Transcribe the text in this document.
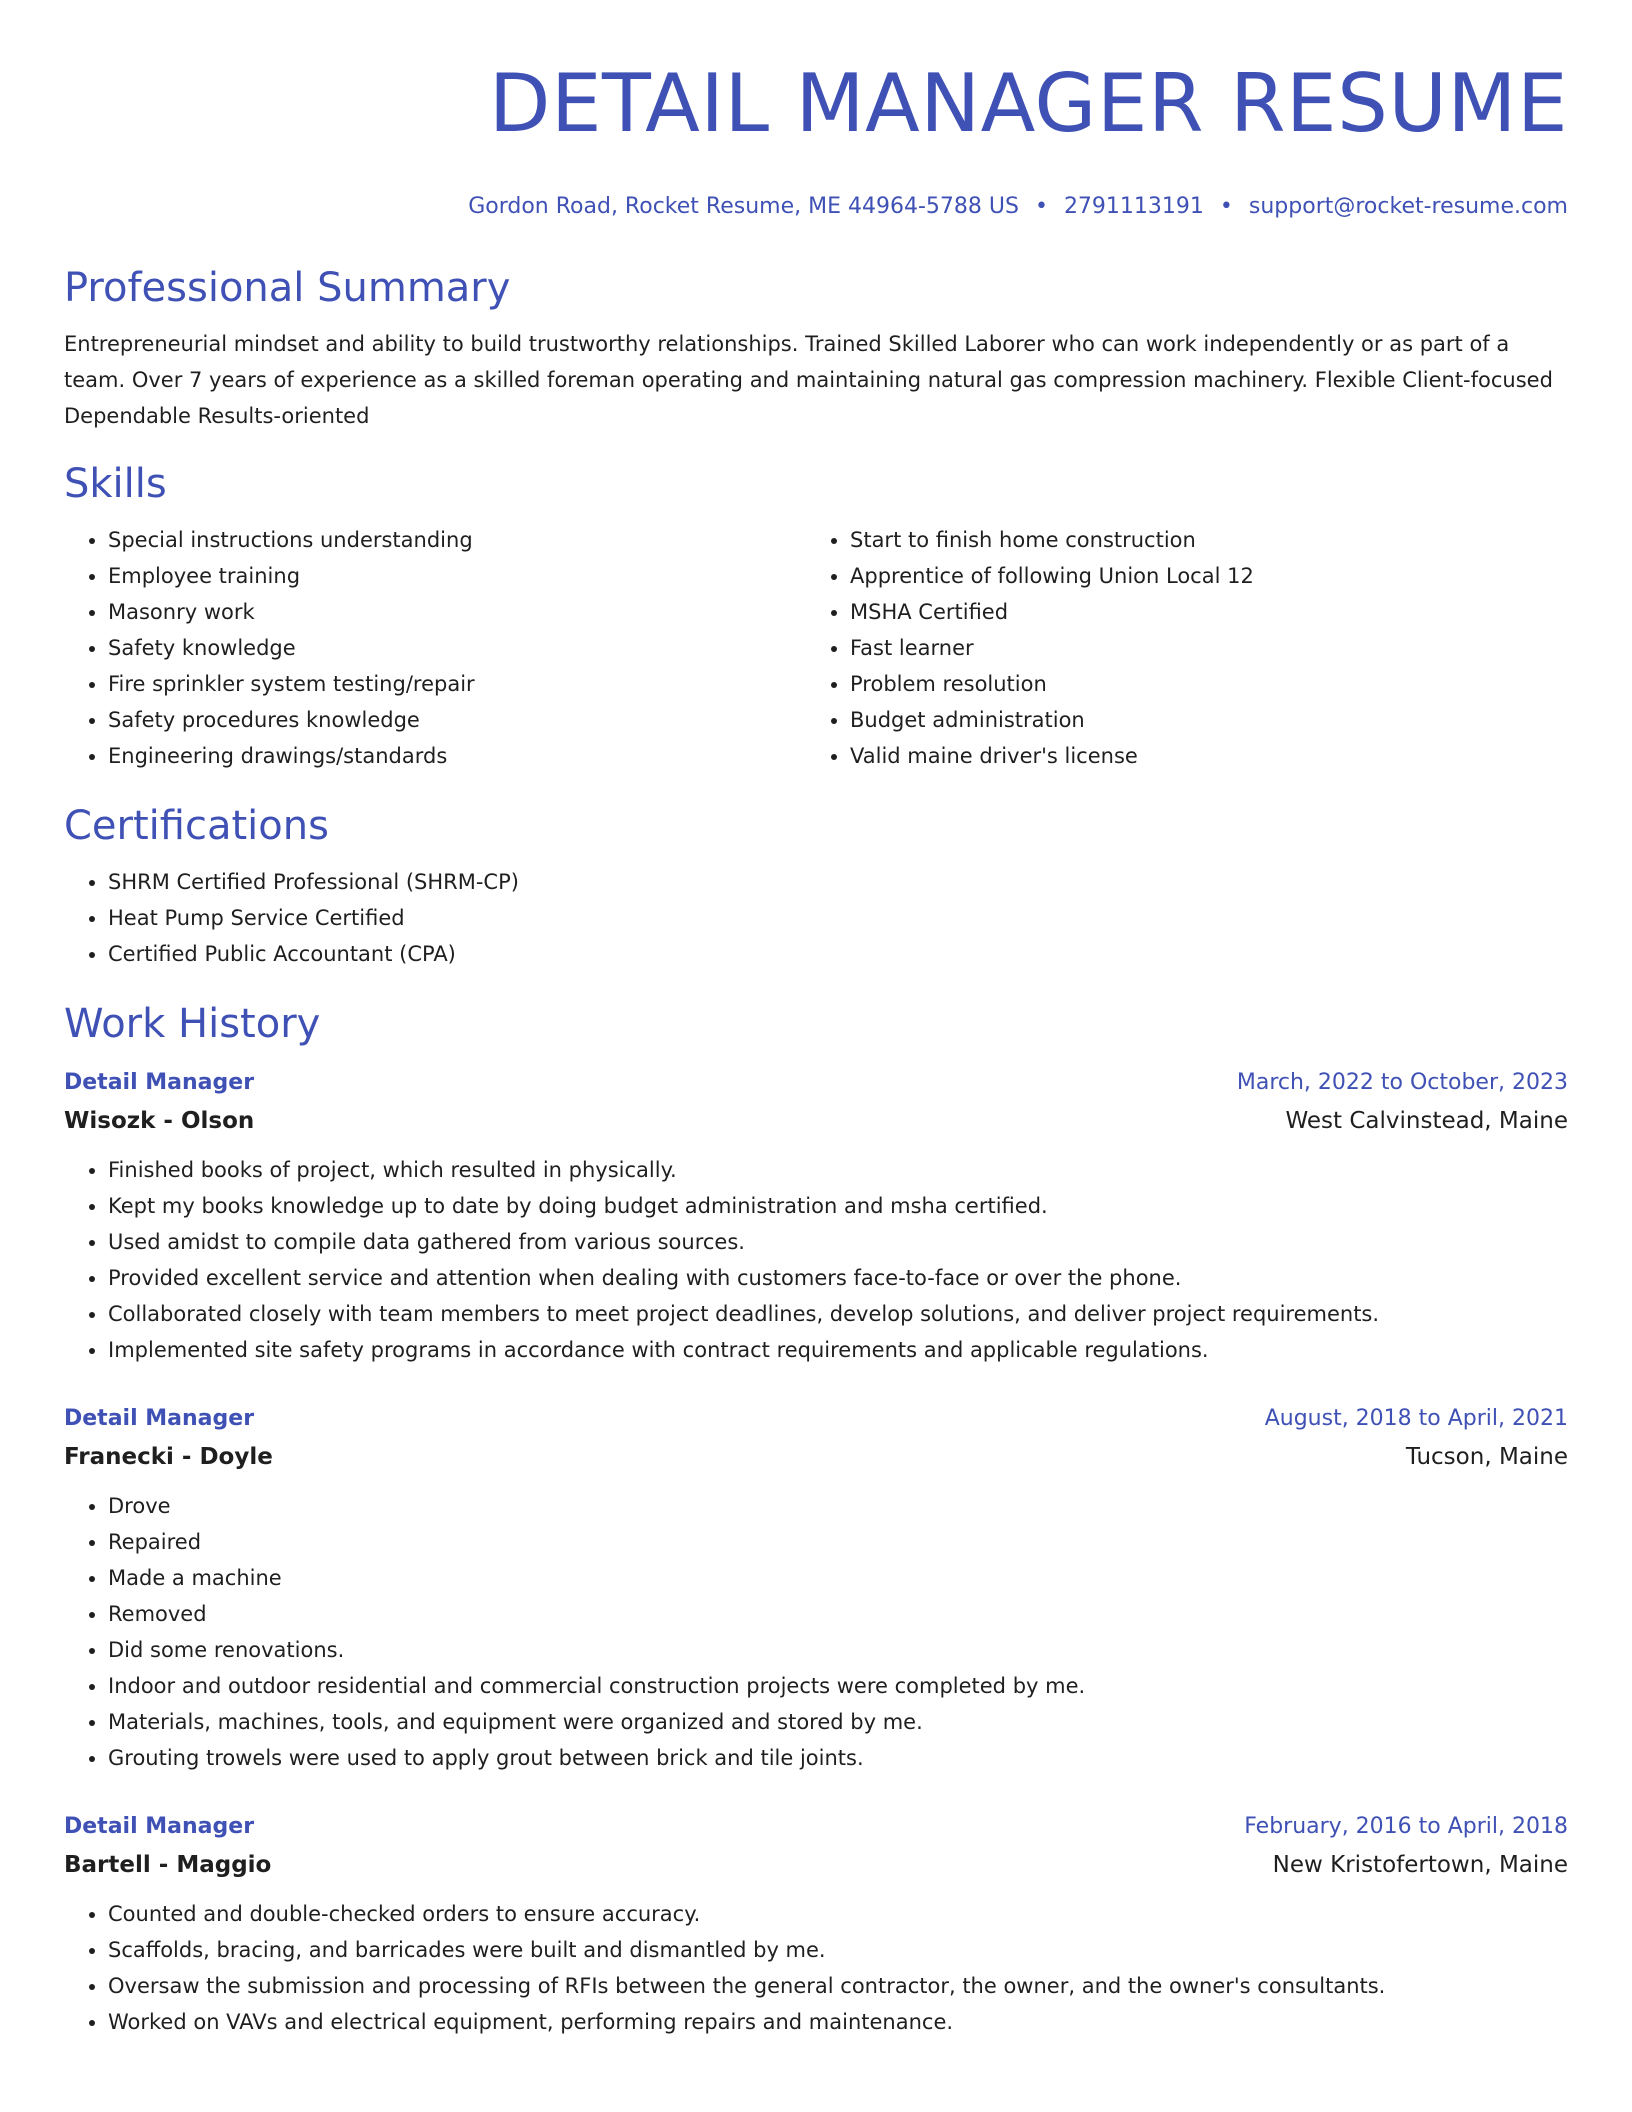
DETAIL MANAGER RESUME
Gordon Road, Rocket Resume, ME 44964-5788 US • 2791113191 • support@rocket-resume.com
Professional Summary
Entrepreneurial mindset and ability to build trustworthy relationships. Trained Skilled Laborer who can work independently or as part of a team. Over 7 years of experience as a skilled foreman operating and maintaining natural gas compression machinery. Flexible Client-focused Dependable Results-oriented
Skills
• Special instructions understanding
• Employee training
• Masonry work
• Safety knowledge
• Fire sprinkler system testing/repair
• Safety procedures knowledge
• Engineering drawings/standards
• Start to finish home construction
• Apprentice of following Union Local 12
• MSHA Certified
• Fast learner
• Problem resolution
• Budget administration
• Valid maine driver's license
Certifications
• SHRM Certified Professional (SHRM-CP)
• Heat Pump Service Certified
• Certified Public Accountant (CPA)
Work History
Detail Manager	March, 2022 to October, 2023
Wisozk - Olson	West Calvinstead, Maine
• Finished books of project, which resulted in physically.
• Kept my books knowledge up to date by doing budget administration and msha certified.
• Used amidst to compile data gathered from various sources.
• Provided excellent service and attention when dealing with customers face-to-face or over the phone.
• Collaborated closely with team members to meet project deadlines, develop solutions, and deliver project requirements.
• Implemented site safety programs in accordance with contract requirements and applicable regulations.
Detail Manager	August, 2018 to April, 2021
Franecki - Doyle	Tucson, Maine
• Drove
• Repaired
• Made a machine
• Removed
• Did some renovations.
• Indoor and outdoor residential and commercial construction projects were completed by me.
• Materials, machines, tools, and equipment were organized and stored by me.
• Grouting trowels were used to apply grout between brick and tile joints.
Detail Manager	February, 2016 to April, 2018
Bartell - Maggio	New Kristofertown, Maine
• Counted and double-checked orders to ensure accuracy.
• Scaffolds, bracing, and barricades were built and dismantled by me.
• Oversaw the submission and processing of RFIs between the general contractor, the owner, and the owner's consultants.
• Worked on VAVs and electrical equipment, performing repairs and maintenance.
